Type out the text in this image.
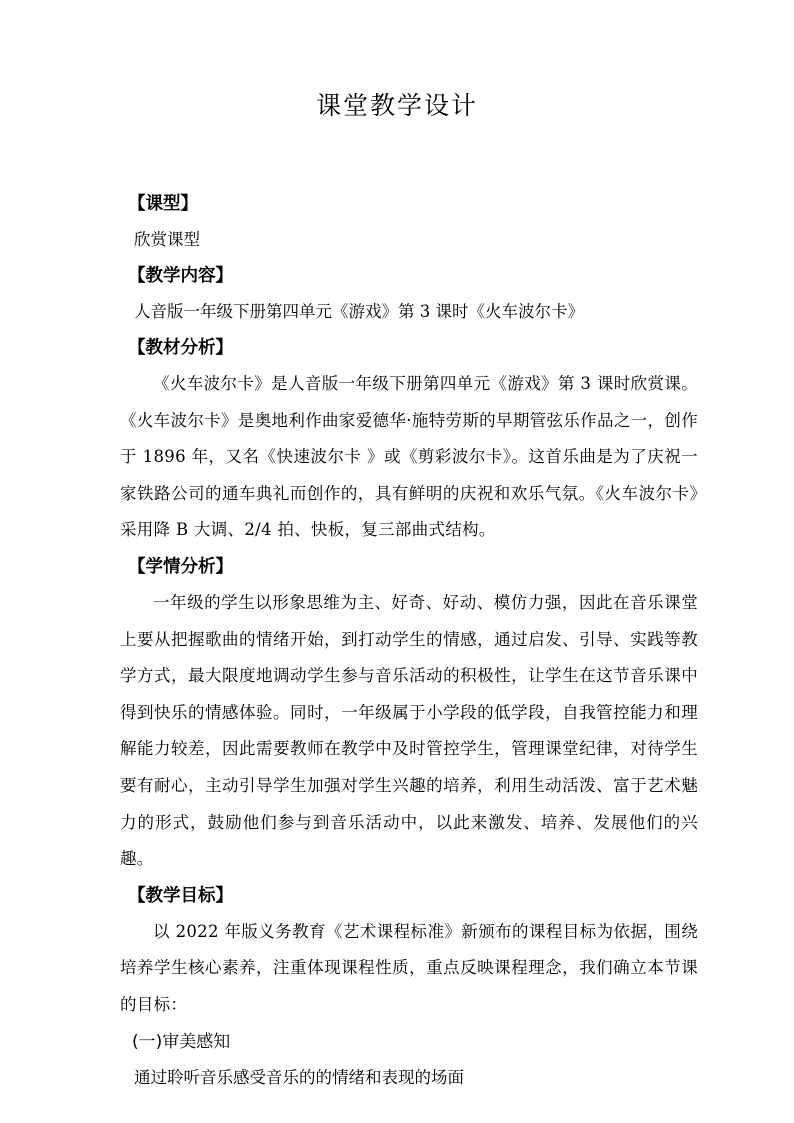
课堂教学设计

【课型】

欣赏课型

【教学内容】

人音版一年级下册第四单元《游戏》第 3 课时《火车波尔卡》

【教材分析】

《火车波尔卡》是人音版一年级下册第四单元《游戏》第 3 课时欣赏课。《火车波尔卡》是奥地利作曲家爱德华·施特劳斯的早期管弦乐作品之一，创作于 1896 年，又名《快速波尔卡 》或《剪彩波尔卡》。这首乐曲是为了庆祝一家铁路公司的通车典礼而创作的，具有鲜明的庆祝和欢乐气氛。《火车波尔卡》采用降 B 大调、2/4 拍、快板，复三部曲式结构。

【学情分析】

一年级的学生以形象思维为主、好奇、好动、模仿力强，因此在音乐课堂上要从把握歌曲的情绪开始，到打动学生的情感，通过启发、引导、实践等教学方式，最大限度地调动学生参与音乐活动的积极性，让学生在这节音乐课中得到快乐的情感体验。同时，一年级属于小学段的低学段，自我管控能力和理解能力较差，因此需要教师在教学中及时管控学生，管理课堂纪律，对待学生要有耐心，主动引导学生加强对学生兴趣的培养，利用生动活泼、富于艺术魅力的形式，鼓励他们参与到音乐活动中，以此来激发、培养、发展他们的兴趣。

【教学目标】

以 2022 年版义务教育《艺术课程标准》新颁布的课程目标为依据，围绕培养学生核心素养，注重体现课程性质，重点反映课程理念，我们确立本节课的目标：

(一)审美感知

通过聆听音乐感受音乐的的情绪和表现的场面
